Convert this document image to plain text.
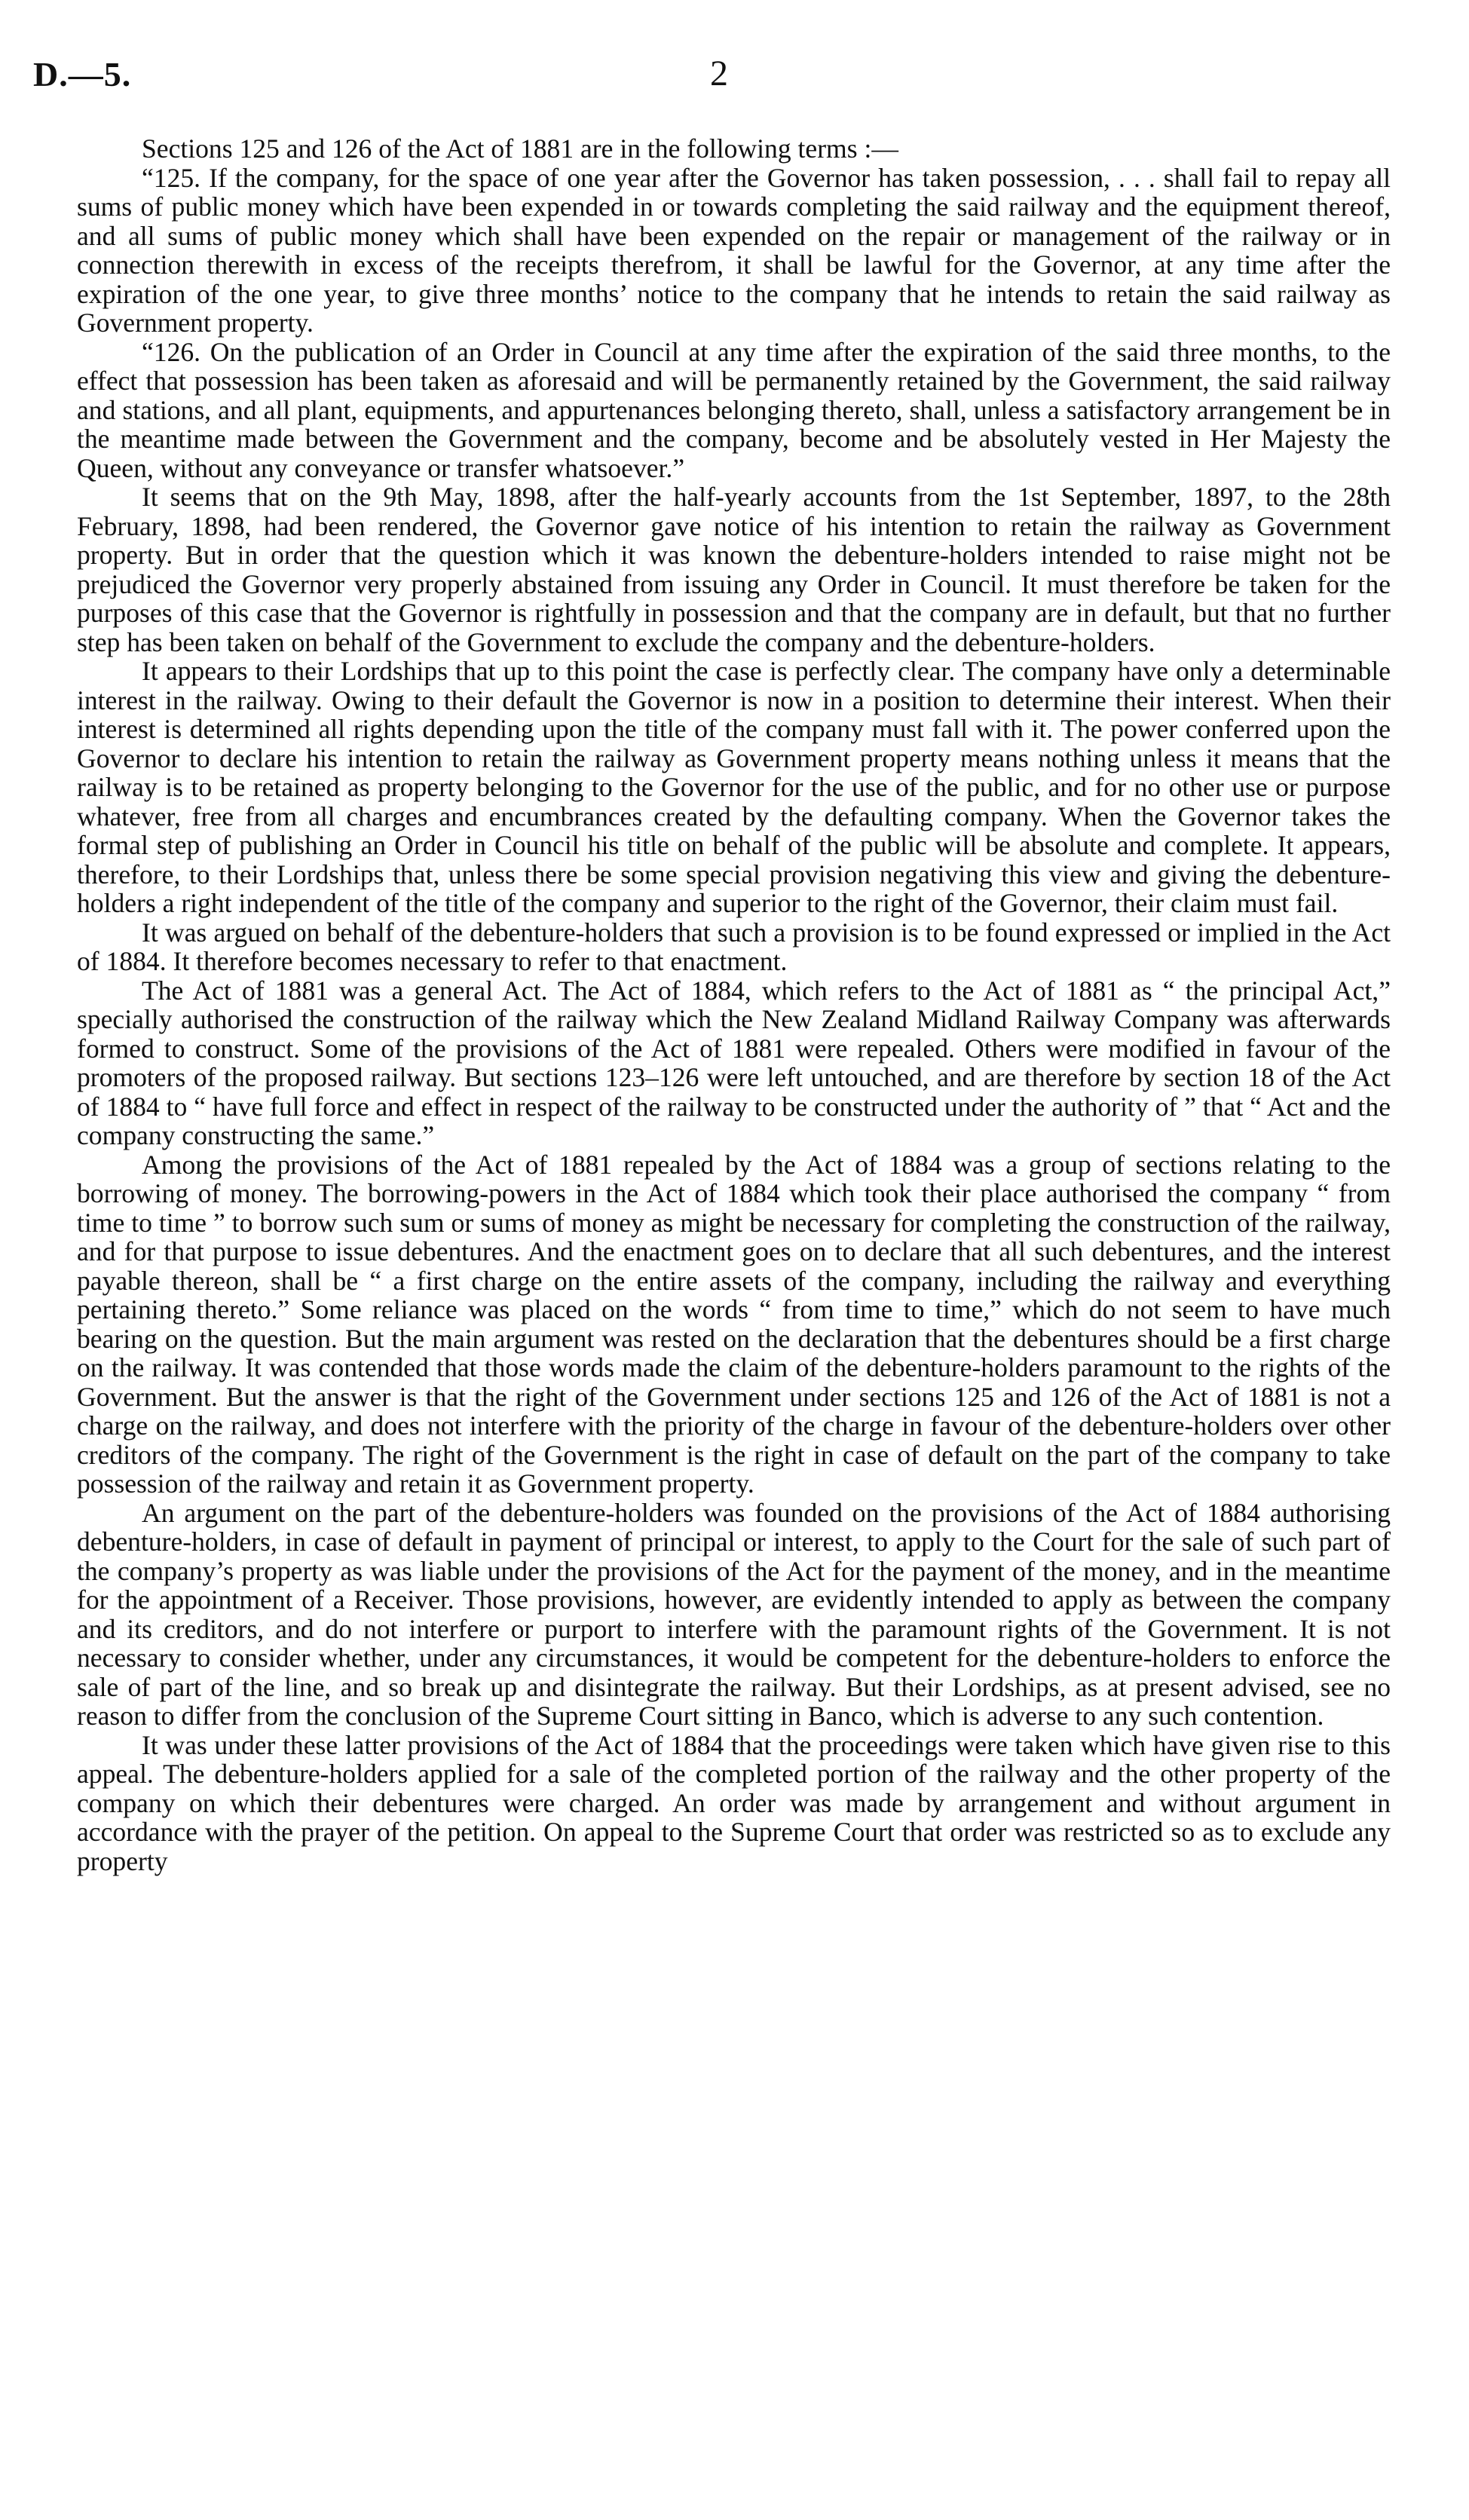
D.—5.	2

Sections 125 and 126 of the Act of 1881 are in the following terms :—

“125. If the company, for the space of one year after the Governor has taken possession, . . . shall fail to repay all sums of public money which have been expended in or towards completing the said railway and the equipment thereof, and all sums of public money which shall have been expended on the repair or management of the railway or in connection therewith in excess of the receipts therefrom, it shall be lawful for the Governor, at any time after the expiration of the one year, to give three months’ notice to the company that he intends to retain the said railway as Government property.

“126. On the publication of an Order in Council at any time after the expiration of the said three months, to the effect that possession has been taken as aforesaid and will be permanently retained by the Government, the said railway and stations, and all plant, equipments, and appurtenances belonging thereto, shall, unless a satisfactory arrangement be in the meantime made between the Government and the company, become and be absolutely vested in Her Majesty the Queen, without any conveyance or transfer whatsoever.”

It seems that on the 9th May, 1898, after the half-yearly accounts from the 1st September, 1897, to the 28th February, 1898, had been rendered, the Governor gave notice of his intention to retain the railway as Government property. But in order that the question which it was known the debenture-holders intended to raise might not be prejudiced the Governor very properly abstained from issuing any Order in Council. It must therefore be taken for the purposes of this case that the Governor is rightfully in possession and that the company are in default, but that no further step has been taken on behalf of the Government to exclude the company and the debenture-holders.

It appears to their Lordships that up to this point the case is perfectly clear. The company have only a determinable interest in the railway. Owing to their default the Governor is now in a position to determine their interest. When their interest is determined all rights depending upon the title of the company must fall with it. The power conferred upon the Governor to declare his intention to retain the railway as Government property means nothing unless it means that the railway is to be retained as property belonging to the Governor for the use of the public, and for no other use or purpose whatever, free from all charges and encumbrances created by the defaulting company. When the Governor takes the formal step of publishing an Order in Council his title on behalf of the public will be absolute and complete. It appears, therefore, to their Lordships that, unless there be some special provision negativing this view and giving the debenture-holders a right independent of the title of the company and superior to the right of the Governor, their claim must fail.

It was argued on behalf of the debenture-holders that such a provision is to be found expressed or implied in the Act of 1884. It therefore becomes necessary to refer to that enactment.

The Act of 1881 was a general Act. The Act of 1884, which refers to the Act of 1881 as “ the principal Act,” specially authorised the construction of the railway which the New Zealand Midland Railway Company was afterwards formed to construct. Some of the provisions of the Act of 1881 were repealed. Others were modified in favour of the promoters of the proposed railway. But sections 123–126 were left untouched, and are therefore by section 18 of the Act of 1884 to “ have full force and effect in respect of the railway to be constructed under the authority of ” that “ Act and the company constructing the same.”

Among the provisions of the Act of 1881 repealed by the Act of 1884 was a group of sections relating to the borrowing of money. The borrowing-powers in the Act of 1884 which took their place authorised the company “ from time to time ” to borrow such sum or sums of money as might be necessary for completing the construction of the railway, and for that purpose to issue debentures. And the enactment goes on to declare that all such debentures, and the interest payable thereon, shall be “ a first charge on the entire assets of the company, including the railway and everything pertaining thereto.” Some reliance was placed on the words “ from time to time,” which do not seem to have much bearing on the question. But the main argument was rested on the declaration that the debentures should be a first charge on the railway. It was contended that those words made the claim of the debenture-holders paramount to the rights of the Government. But the answer is that the right of the Government under sections 125 and 126 of the Act of 1881 is not a charge on the railway, and does not interfere with the priority of the charge in favour of the debenture-holders over other creditors of the company. The right of the Government is the right in case of default on the part of the company to take possession of the railway and retain it as Government property.

An argument on the part of the debenture-holders was founded on the provisions of the Act of 1884 authorising debenture-holders, in case of default in payment of principal or interest, to apply to the Court for the sale of such part of the company’s property as was liable under the provisions of the Act for the payment of the money, and in the meantime for the appointment of a Receiver. Those provisions, however, are evidently intended to apply as between the company and its creditors, and do not interfere or purport to interfere with the paramount rights of the Government. It is not necessary to consider whether, under any circumstances, it would be competent for the debenture-holders to enforce the sale of part of the line, and so break up and disintegrate the railway. But their Lordships, as at present advised, see no reason to differ from the conclusion of the Supreme Court sitting in Banco, which is adverse to any such contention.

It was under these latter provisions of the Act of 1884 that the proceedings were taken which have given rise to this appeal. The debenture-holders applied for a sale of the completed portion of the railway and the other property of the company on which their debentures were charged. An order was made by arrangement and without argument in accordance with the prayer of the petition. On appeal to the Supreme Court that order was restricted so as to exclude any property
